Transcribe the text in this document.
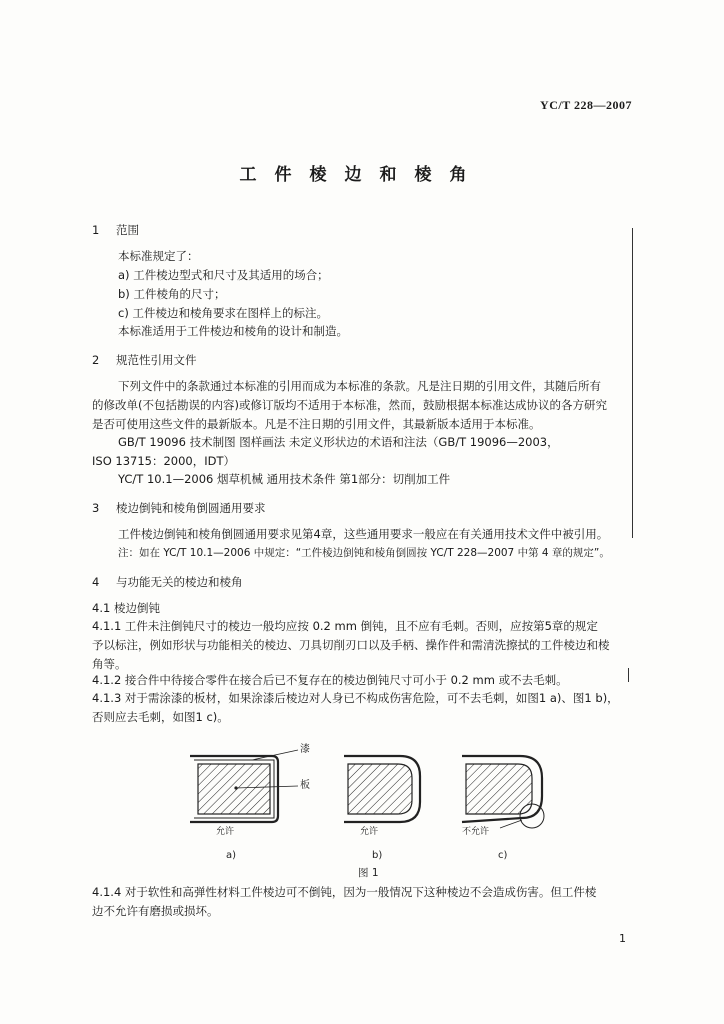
YC/T 228—2007
工件棱边和棱角
1 范围
本标准规定了：
a) 工件棱边型式和尺寸及其适用的场合；
b) 工件棱角的尺寸；
c) 工件棱边和棱角要求在图样上的标注。
本标准适用于工件棱边和棱角的设计和制造。
2 规范性引用文件
下列文件中的条款通过本标准的引用而成为本标准的条款。凡是注日期的引用文件，其随后所有
的修改单(不包括勘误的内容)或修订版均不适用于本标准，然而，鼓励根据本标准达成协议的各方研究
是否可使用这些文件的最新版本。凡是不注日期的引用文件，其最新版本适用于本标准。
GB/T 19096 技术制图 图样画法 未定义形状边的术语和注法（GB/T 19096—2003，
ISO 13715：2000，IDT）
YC/T 10.1—2006 烟草机械 通用技术条件 第1部分：切削加工件
3 棱边倒钝和棱角倒圆通用要求
工件棱边倒钝和棱角倒圆通用要求见第4章，这些通用要求一般应在有关通用技术文件中被引用。
注：如在 YC/T 10.1—2006 中规定：“工件棱边倒钝和棱角倒圆按 YC/T 228—2007 中第 4 章的规定”。
4 与功能无关的棱边和棱角
4.1 棱边倒钝
4.1.1 工件未注倒钝尺寸的棱边一般均应按 0.2 mm 倒钝，且不应有毛刺。否则，应按第5章的规定
予以标注，例如形状与功能相关的棱边、刀具切削刃口以及手柄、操作件和需清洗擦拭的工件棱边和棱
角等。
4.1.2 接合件中待接合零件在接合后已不复存在的棱边倒钝尺寸可小于 0.2 mm 或不去毛刺。
4.1.3 对于需涂漆的板材，如果涂漆后棱边对人身已不构成伤害危险，可不去毛刺，如图1 a)、图1 b)，
否则应去毛刺，如图1 c)。
漆
板
允许
a)
允许
b)
不允许
c)
图 1
4.1.4 对于软性和高弹性材料工件棱边可不倒钝，因为一般情况下这种棱边不会造成伤害。但工件棱
边不允许有磨损或损坏。
1
